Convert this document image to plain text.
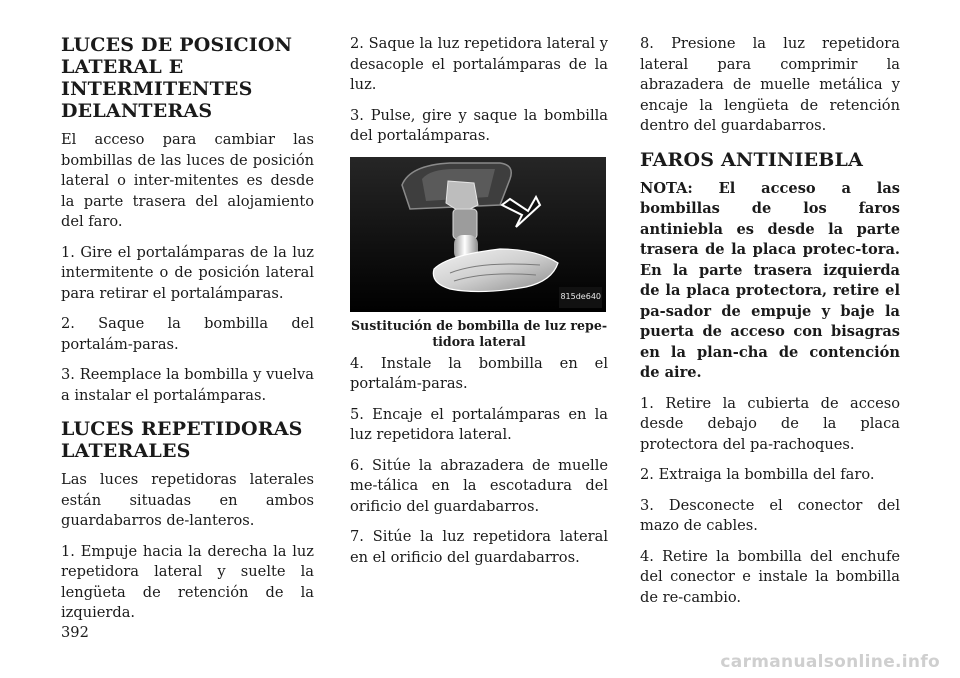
LUCES DE POSICION LATERAL E INTERMITENTES DELANTERAS

El acceso para cambiar las bombillas de las luces de posición lateral o inter-mitentes es desde la parte trasera del alojamiento del faro.

1. Gire el portalámparas de la luz intermitente o de posición lateral para retirar el portalámparas.

2. Saque la bombilla del portalám-paras.

3. Reemplace la bombilla y vuelva a instalar el portalámparas.

LUCES REPETIDORAS LATERALES

Las luces repetidoras laterales están situadas en ambos guardabarros de-lanteros.

1. Empuje hacia la derecha la luz repetidora lateral y suelte la lengüeta de retención de la izquierda.

2. Saque la luz repetidora lateral y desacople el portalámparas de la luz.

3. Pulse, gire y saque la bombilla del portalámparas.

815de640
Sustitución de bombilla de luz repe-tidora lateral

4. Instale la bombilla en el portalám-paras.

5. Encaje el portalámparas en la luz repetidora lateral.

6. Sitúe la abrazadera de muelle me-tálica en la escotadura del orificio del guardabarros.

7. Sitúe la luz repetidora lateral en el orificio del guardabarros.

8. Presione la luz repetidora lateral para comprimir la abrazadera de muelle metálica y encaje la lengüeta de retención dentro del guardabarros.

FAROS ANTINIEBLA

NOTA: El acceso a las bombillas de los faros antiniebla es desde la parte trasera de la placa protec-tora. En la parte trasera izquierda de la placa protectora, retire el pa-sador de empuje y baje la puerta de acceso con bisagras en la plan-cha de contención de aire.

1. Retire la cubierta de acceso desde debajo de la placa protectora del pa-rachoques.

2. Extraiga la bombilla del faro.

3. Desconecte el conector del mazo de cables.

4. Retire la bombilla del enchufe del conector e instale la bombilla de re-cambio.

392
carmanualsonline.info
